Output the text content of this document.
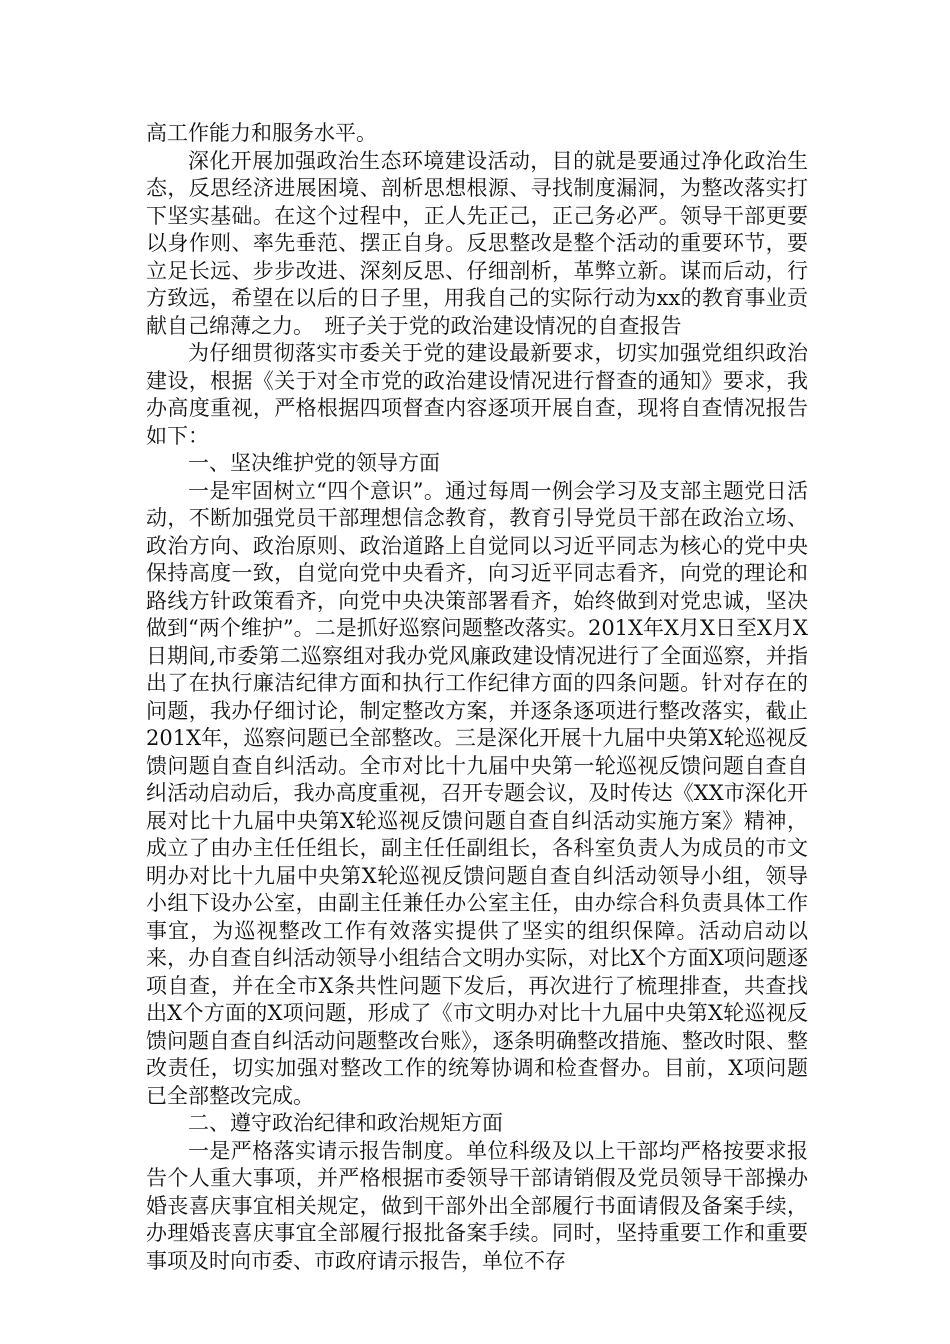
高工作能力和服务水平。

深化开展加强政治生态环境建设活动，目的就是要通过净化政治生态，反思经济进展困境、剖析思想根源、寻找制度漏洞，为整改落实打下坚实基础。在这个过程中，正人先正己，正己务必严。领导干部更要以身作则、率先垂范、摆正自身。反思整改是整个活动的重要环节，要立足长远、步步改进、深刻反思、仔细剖析，革弊立新。谋而后动，行方致远，希望在以后的日子里，用我自己的实际行动为xx的教育事业贡献自己绵薄之力。　班子关于党的政治建设情况的自查报告

为仔细贯彻落实市委关于党的建设最新要求，切实加强党组织政治建设，根据《关于对全市党的政治建设情况进行督查的通知》要求，我办高度重视，严格根据四项督查内容逐项开展自查，现将自查情况报告如下：

一、坚决维护党的领导方面

一是牢固树立“四个意识”。通过每周一例会学习及支部主题党日活动，不断加强党员干部理想信念教育，教育引导党员干部在政治立场、政治方向、政治原则、政治道路上自觉同以习近平同志为核心的党中央保持高度一致，自觉向党中央看齐，向习近平同志看齐，向党的理论和路线方针政策看齐，向党中央决策部署看齐，始终做到对党忠诚，坚决做到“两个维护”。二是抓好巡察问题整改落实。201X年X月X日至X月X日期间,市委第二巡察组对我办党风廉政建设情况进行了全面巡察，并指出了在执行廉洁纪律方面和执行工作纪律方面的四条问题。针对存在的问题，我办仔细讨论，制定整改方案，并逐条逐项进行整改落实，截止201X年，巡察问题已全部整改。三是深化开展十九届中央第X轮巡视反馈问题自查自纠活动。全市对比十九届中央第一轮巡视反馈问题自查自纠活动启动后，我办高度重视，召开专题会议，及时传达《XX市深化开展对比十九届中央第X轮巡视反馈问题自查自纠活动实施方案》精神，成立了由办主任任组长，副主任任副组长，各科室负责人为成员的市文明办对比十九届中央第X轮巡视反馈问题自查自纠活动领导小组，领导小组下设办公室，由副主任兼任办公室主任，由办综合科负责具体工作事宜，为巡视整改工作有效落实提供了坚实的组织保障。活动启动以来，办自查自纠活动领导小组结合文明办实际，对比X个方面X项问题逐项自查，并在全市X条共性问题下发后，再次进行了梳理排查，共查找出X个方面的X项问题，形成了《市文明办对比十九届中央第X轮巡视反馈问题自查自纠活动问题整改台账》，逐条明确整改措施、整改时限、整改责任，切实加强对整改工作的统筹协调和检查督办。目前，X项问题已全部整改完成。

二、遵守政治纪律和政治规矩方面

一是严格落实请示报告制度。单位科级及以上干部均严格按要求报告个人重大事项，并严格根据市委领导干部请销假及党员领导干部操办婚丧喜庆事宜相关规定，做到干部外出全部履行书面请假及备案手续，办理婚丧喜庆事宜全部履行报批备案手续。同时，坚持重要工作和重要事项及时向市委、市政府请示报告，单位不存
